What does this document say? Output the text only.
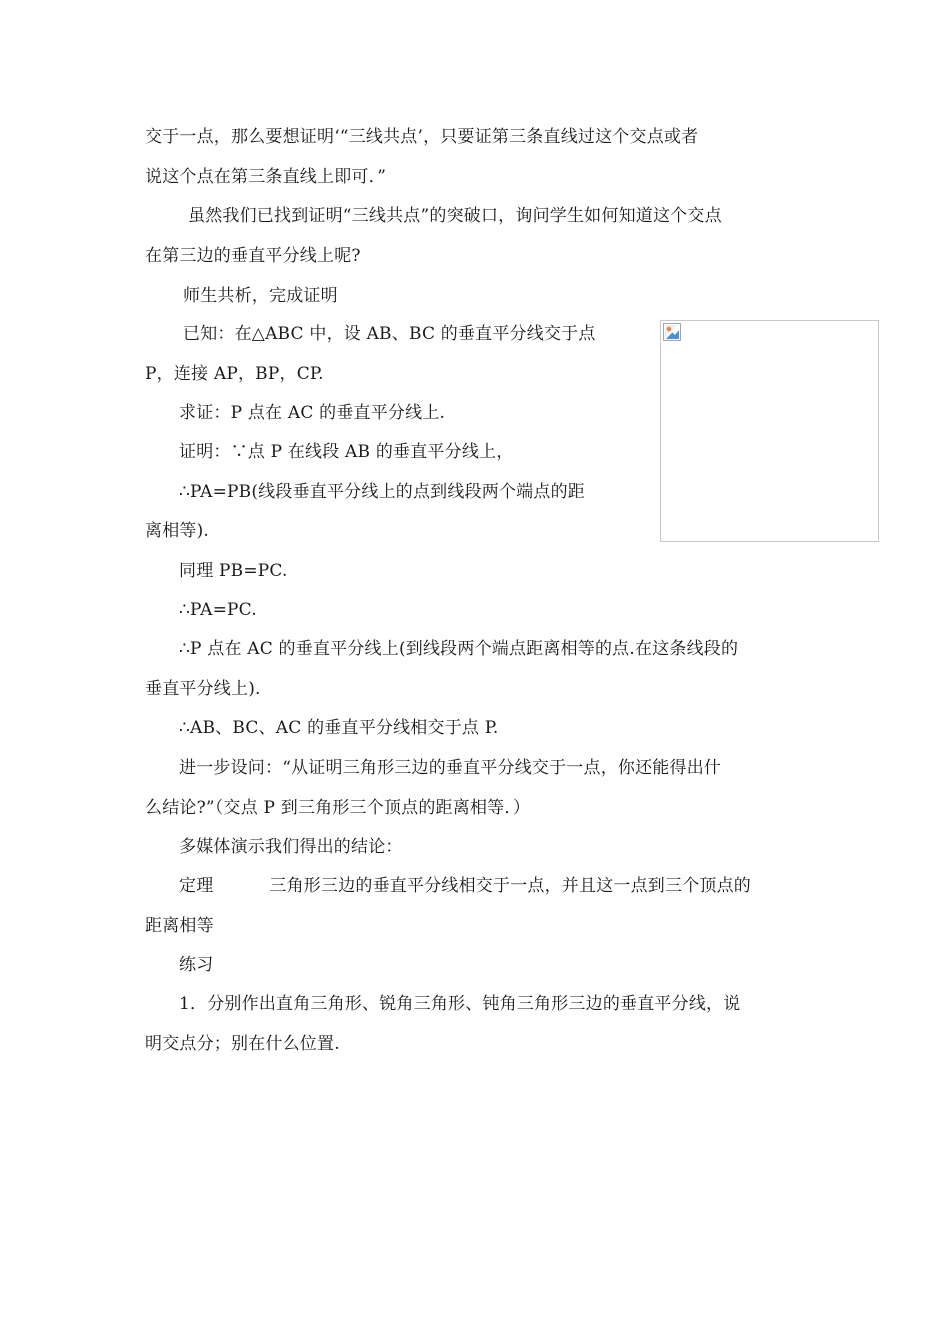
交于一点，那么要想证明‘“三线共点’，只要证第三条直线过这个交点或者
说这个点在第三条直线上即可．”
虽然我们已找到证明“三线共点”的突破口，询问学生如何知道这个交点
在第三边的垂直平分线上呢?
师生共析，完成证明
已知：在△ABC 中，设 AB、BC 的垂直平分线交于点
P，连接 AP，BP，CP.
求证：P 点在 AC 的垂直平分线上.
证明：∵点 P 在线段 AB 的垂直平分线上，
∴PA=PB(线段垂直平分线上的点到线段两个端点的距
离相等).
同理 PB=PC.
∴PA=PC.
∴P 点在 AC 的垂直平分线上(到线段两个端点距离相等的点.在这条线段的
垂直平分线上).
∴AB、BC、AC 的垂直平分线相交于点 P.
进一步设问：“从证明三角形三边的垂直平分线交于一点，你还能得出什
么结论?”（交点 P 到三角形三个顶点的距离相等．）
多媒体演示我们得出的结论：
定理	三角形三边的垂直平分线相交于一点，并且这一点到三个顶点的
距离相等
练习
1．分别作出直角三角形、锐角三角形、钝角三角形三边的垂直平分线，说
明交点分；别在什么位置.
